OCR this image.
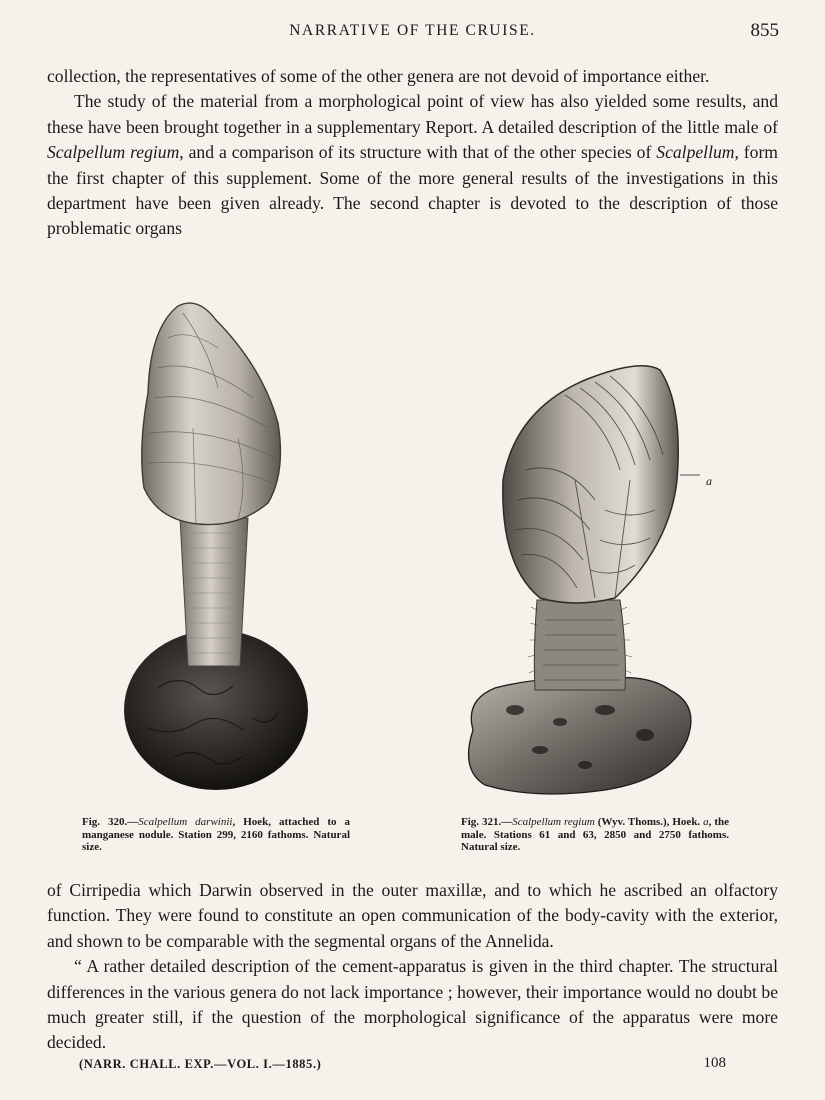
NARRATIVE OF THE CRUISE.	855

collection, the representatives of some of the other genera are not devoid of importance either.

The study of the material from a morphological point of view has also yielded some results, and these have been brought together in a supplementary Report. A detailed description of the little male of Scalpellum regium, and a comparison of its structure with that of the other species of Scalpellum, form the first chapter of this supplement. Some of the more general results of the investigations in this department have been given already. The second chapter is devoted to the description of those problematic organs

Fig. 320.—Scalpellum darwinii, Hoek, attached to a manganese nodule. Station 299, 2160 fathoms. Natural size.
a
Fig. 321.—Scalpellum regium (Wyv. Thoms.), Hoek. a, the male. Stations 61 and 63, 2850 and 2750 fathoms. Natural size.

of Cirripedia which Darwin observed in the outer maxillæ, and to which he ascribed an olfactory function. They were found to constitute an open communication of the body-cavity with the exterior, and shown to be comparable with the segmental organs of the Annelida.

“ A rather detailed description of the cement-apparatus is given in the third chapter. The structural differences in the various genera do not lack importance ; however, their importance would no doubt be much greater still, if the question of the morphological significance of the apparatus were more decided.

(NARR. CHALL. EXP.—VOL. I.—1885.)	108
